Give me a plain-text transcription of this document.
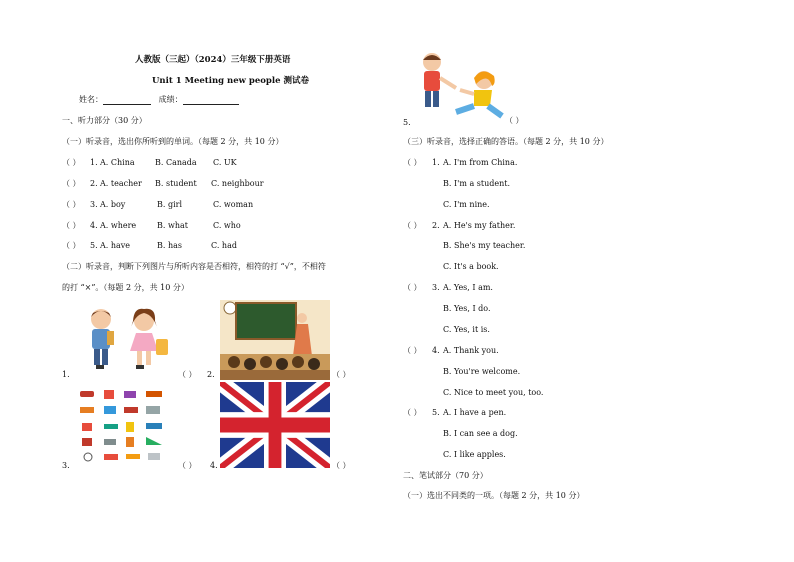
人教版（三起）（2024）三年级下册英语
Unit 1 Meeting new people 测试卷
姓名：	成绩：
一、听力部分（30 分）
（一）听录音，选出你所听到的单词。（每题 2 分，共 10 分）
（ ） 1. A. China	B. Canada C. UK
（ ） 2. A. teacher B. student C. neighbour
（ ） 3. A. boy	B. girl	C. woman
（ ） 4. A. where	B. what	C. who
（ ） 5. A. have	B. has	C. had
（二）听录音，判断下列图片与所听内容是否相符，相符的打 “√”，不相符
的打 “×”。（每题 2 分，共 10 分）
1.	（ ） 2.	（ ）
3.	（ ） 4.	（ ）
5.	（ ）
（三）听录音，选择正确的答语。（每题 2 分，共 10 分）
（ ） 1. A. I'm from China.
B. I'm a student.
C. I'm nine.
（ ） 2. A. He's my father.
B. She's my teacher.
C. It's a book.
（ ） 3. A. Yes, I am.
B. Yes, I do.
C. Yes, it is.
（ ） 4. A. Thank you.
B. You're welcome.
C. Nice to meet you, too.
（ ） 5. A. I have a pen.
B. I can see a dog.
C. I like apples.
二、笔试部分（70 分）
（一）选出不同类的一项。（每题 2 分，共 10 分）
